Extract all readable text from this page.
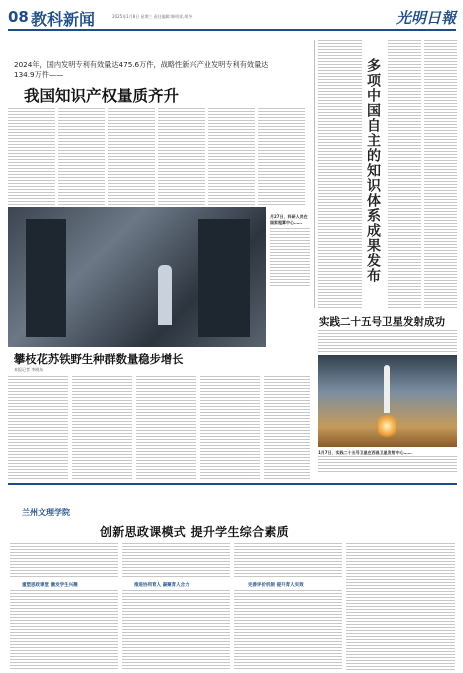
08 教科新闻	2025年1月8日 星期三 责任编辑:韩明祥,胡冬	光明日報
2024年，国内发明专利有效量达475.6万件，战略性新兴产业发明专利有效量达134.9万件——
我国知识产权量质齐升
月27日，科研人员在国家超算中心……
攀枝花苏铁野生种群数量稳步增长
本报记者 李晓东
多项中国自主的知识体系成果发布
实践二十五号卫星发射成功
1月7日，实践二十五号卫星在西昌卫星发射中心……
兰州文理学院
创新思政课模式 提升学生综合素质
重塑思政课堂 激发学生兴趣	推进协同育人 凝聚育人合力	完善评价机制 提升育人实效
